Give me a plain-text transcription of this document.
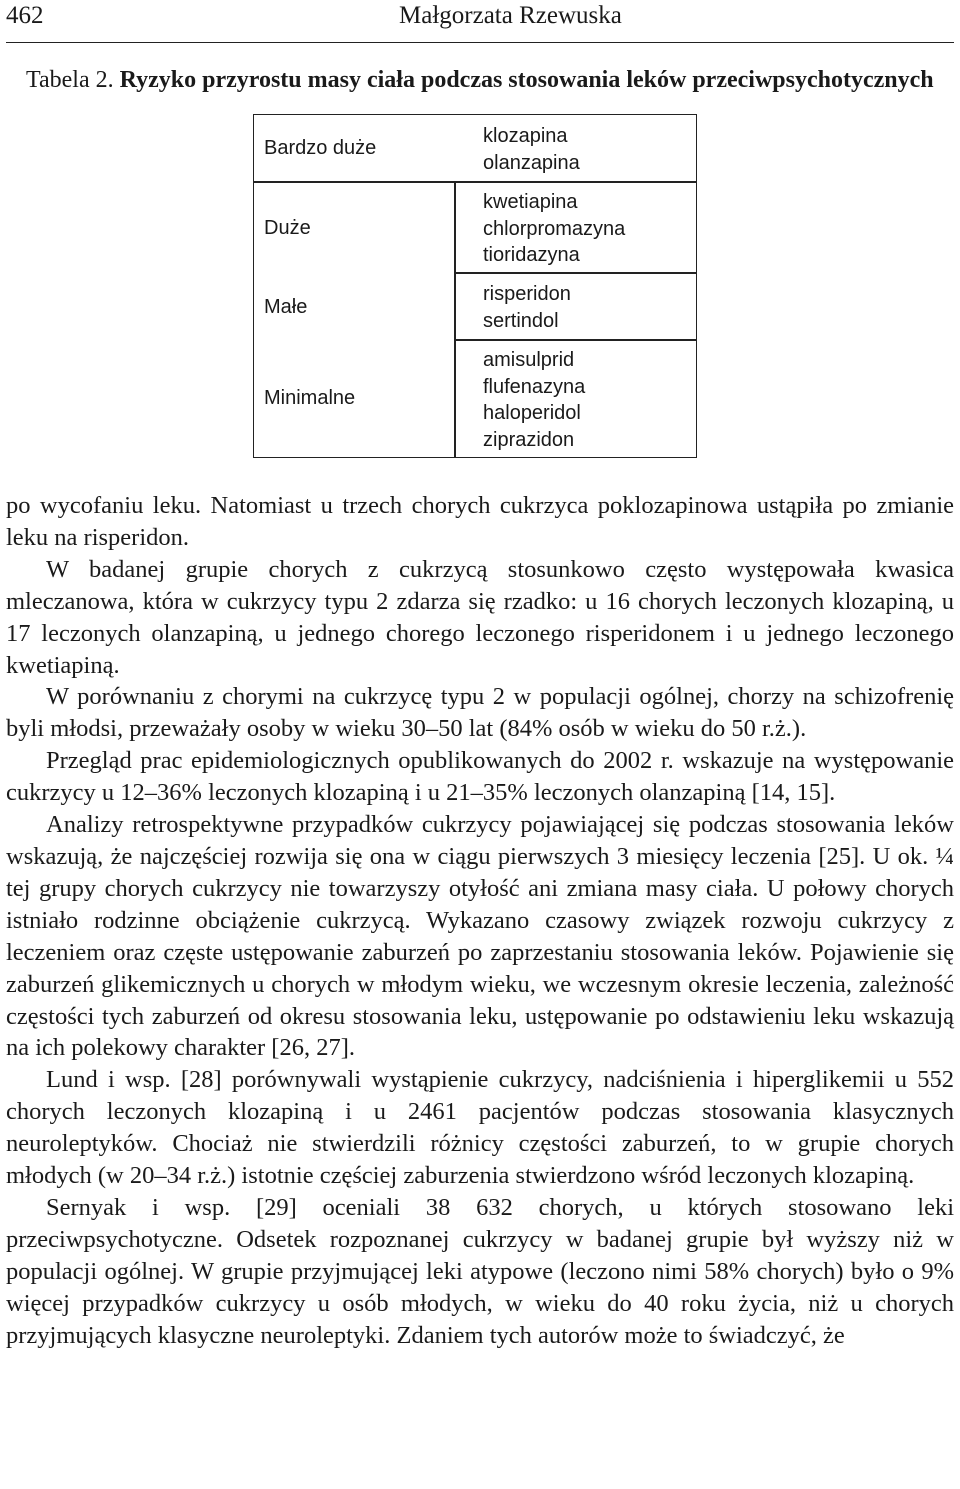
462	Małgorzata Rzewuska
Tabela 2. Ryzyko przyrostu masy ciała podczas stosowania leków przeciwpsychotycznych
Bardzo duże
Duże
Małe
Minimalne
klozapina
olanzapina
kwetiapina
chlorpromazyna
tioridazyna
risperidon
sertindol
amisulprid
flufenazyna
haloperidol
ziprazidon

po wycofaniu leku. Natomiast u trzech chorych cukrzyca poklozapinowa ustąpiła po zmianie leku na risperidon.

W badanej grupie chorych z cukrzycą stosunkowo często występowała kwasica mleczanowa, która w cukrzycy typu 2 zdarza się rzadko: u 16 chorych leczonych klozapiną, u 17 leczonych olanzapiną, u jednego chorego leczonego risperidonem i u jednego leczonego kwetiapiną.

W porównaniu z chorymi na cukrzycę typu 2 w populacji ogólnej, chorzy na schizofrenię byli młodsi, przeważały osoby w wieku 30–50 lat (84% osób w wieku do 50 r.ż.).

Przegląd prac epidemiologicznych opublikowanych do 2002 r. wskazuje na występowanie cukrzycy u 12–36% leczonych klozapiną i u 21–35% leczonych olanzapiną [14, 15].

Analizy retrospektywne przypadków cukrzycy pojawiającej się podczas stosowania leków wskazują, że najczęściej rozwija się ona w ciągu pierwszych 3 miesięcy leczenia [25]. U ok. ¼ tej grupy chorych cukrzycy nie towarzyszy otyłość ani zmiana masy ciała. U połowy chorych istniało rodzinne obciążenie cukrzycą. Wykazano czasowy związek rozwoju cukrzycy z leczeniem oraz częste ustępowanie zaburzeń po zaprzestaniu stosowania leków. Pojawienie się zaburzeń glikemicznych u chorych w młodym wieku, we wczesnym okresie leczenia, zależność częstości tych zaburzeń od okresu stosowania leku, ustępowanie po odstawieniu leku wskazują na ich polekowy charakter [26, 27].

Lund i wsp. [28] porównywali wystąpienie cukrzycy, nadciśnienia i hiperglikemii u 552 chorych leczonych klozapiną i u 2461 pacjentów podczas stosowania klasycznych neuroleptyków. Chociaż nie stwierdzili różnicy częstości zaburzeń, to w grupie chorych młodych (w 20–34 r.ż.) istotnie częściej zaburzenia stwierdzono wśród leczonych klozapiną.

Sernyak i wsp. [29] oceniali 38 632 chorych, u których stosowano leki przeciwpsychotyczne. Odsetek rozpoznanej cukrzycy w badanej grupie był wyższy niż w populacji ogólnej. W grupie przyjmującej leki atypowe (leczono nimi 58% chorych) było o 9% więcej przypadków cukrzycy u osób młodych, w wieku do 40 roku życia, niż u chorych przyjmujących klasyczne neuroleptyki. Zdaniem tych autorów może to świadczyć, że
